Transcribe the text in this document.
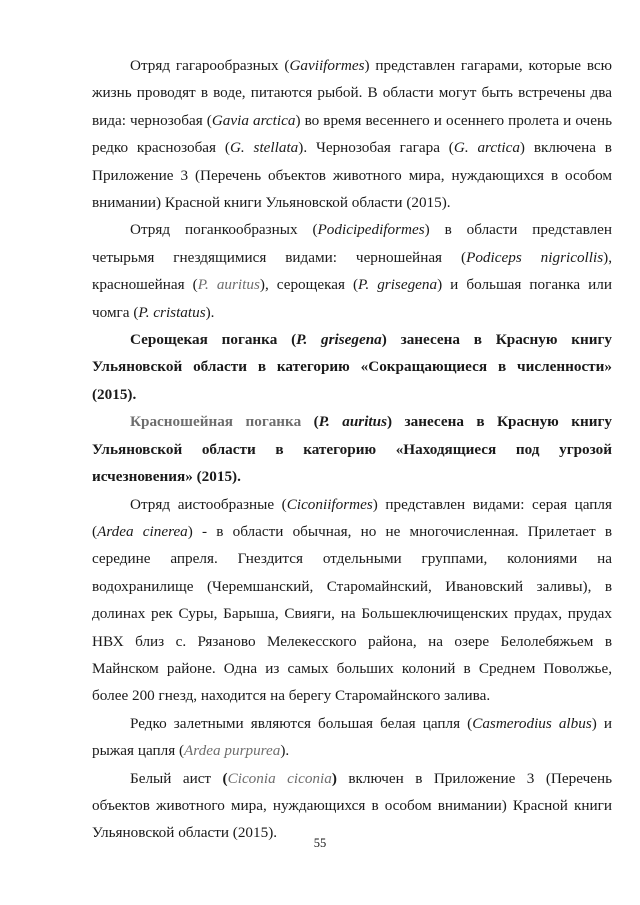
Отряд гагарообразных (Gaviiformes) представлен гагарами, которые всю жизнь проводят в воде, питаются рыбой. В области могут быть встречены два вида: чернозобая (Gavia arctica) во время весеннего и осеннего пролета и очень редко краснозобая (G. stellata). Чернозобая гагара (G. arctica) включена в Приложение 3 (Перечень объектов животного мира, нуждающихся в особом внимании) Красной книги Ульяновской области (2015).

Отряд поганкообразных (Podicipediformes) в области представлен четырьмя гнездящимися видами: черношейная (Podiceps nigricollis), красношейная (P. auritus), серощекая (P. grisegena) и большая поганка или чомга (P. cristatus).

Серощекая поганка (P. grisegena) занесена в Красную книгу Ульяновской области в категорию «Сокращающиеся в численности» (2015).

Красношейная поганка (P. auritus) занесена в Красную книгу Ульяновской области в категорию «Находящиеся под угрозой исчезновения» (2015).

Отряд аистообразные (Ciconiiformes) представлен видами: серая цапля (Ardea cinerea) - в области обычная, но не многочисленная. Прилетает в середине апреля. Гнездится отдельными группами, колониями на водохранилище (Черемшанский, Старомайнский, Ивановский заливы), в долинах рек Суры, Барыша, Свияги, на Большеключищенских прудах, прудах НВХ близ с. Рязаново Мелекесского района, на озере Белолебяжьем в Майнском районе. Одна из самых больших колоний в Среднем Поволжье, более 200 гнезд, находится на берегу Старомайнского залива.

Редко залетными являются большая белая цапля (Casmerodius albus) и рыжая цапля (Ardea purpurea).

Белый аист (Ciconia ciconia) включен в Приложение 3 (Перечень объектов животного мира, нуждающихся в особом внимании) Красной книги Ульяновской области (2015).

55
